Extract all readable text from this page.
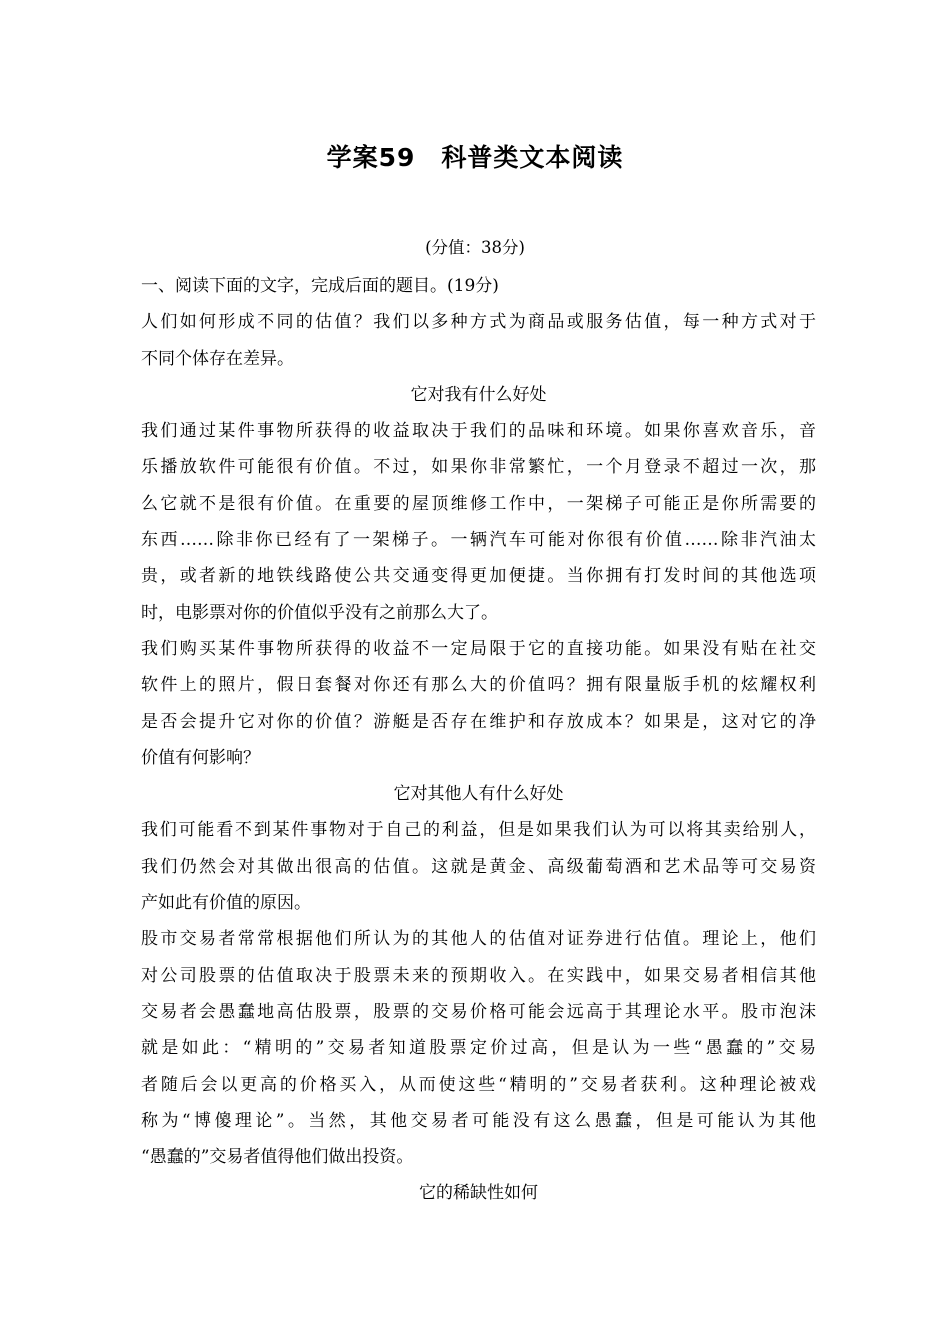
学案59　科普类文本阅读
(分值：38分)
一、阅读下面的文字，完成后面的题目。(19分)
人们如何形成不同的估值？我们以多种方式为商品或服务估值，每一种方式对于
不同个体存在差异。
它对我有什么好处
我们通过某件事物所获得的收益取决于我们的品味和环境。如果你喜欢音乐，音
乐播放软件可能很有价值。不过，如果你非常繁忙，一个月登录不超过一次，那
么它就不是很有价值。在重要的屋顶维修工作中，一架梯子可能正是你所需要的
东西……除非你已经有了一架梯子。一辆汽车可能对你很有价值……除非汽油太
贵，或者新的地铁线路使公共交通变得更加便捷。当你拥有打发时间的其他选项
时，电影票对你的价值似乎没有之前那么大了。
我们购买某件事物所获得的收益不一定局限于它的直接功能。如果没有贴在社交
软件上的照片，假日套餐对你还有那么大的价值吗？拥有限量版手机的炫耀权利
是否会提升它对你的价值？游艇是否存在维护和存放成本？如果是，这对它的净
价值有何影响？
它对其他人有什么好处
我们可能看不到某件事物对于自己的利益，但是如果我们认为可以将其卖给别人，
我们仍然会对其做出很高的估值。这就是黄金、高级葡萄酒和艺术品等可交易资
产如此有价值的原因。
股市交易者常常根据他们所认为的其他人的估值对证券进行估值。理论上，他们
对公司股票的估值取决于股票未来的预期收入。在实践中，如果交易者相信其他
交易者会愚蠢地高估股票，股票的交易价格可能会远高于其理论水平。股市泡沫
就是如此：“精明的”交易者知道股票定价过高，但是认为一些“愚蠢的”交易
者随后会以更高的价格买入，从而使这些“精明的”交易者获利。这种理论被戏
称为“博傻理论”。当然，其他交易者可能没有这么愚蠢，但是可能认为其他
“愚蠢的”交易者值得他们做出投资。
它的稀缺性如何
